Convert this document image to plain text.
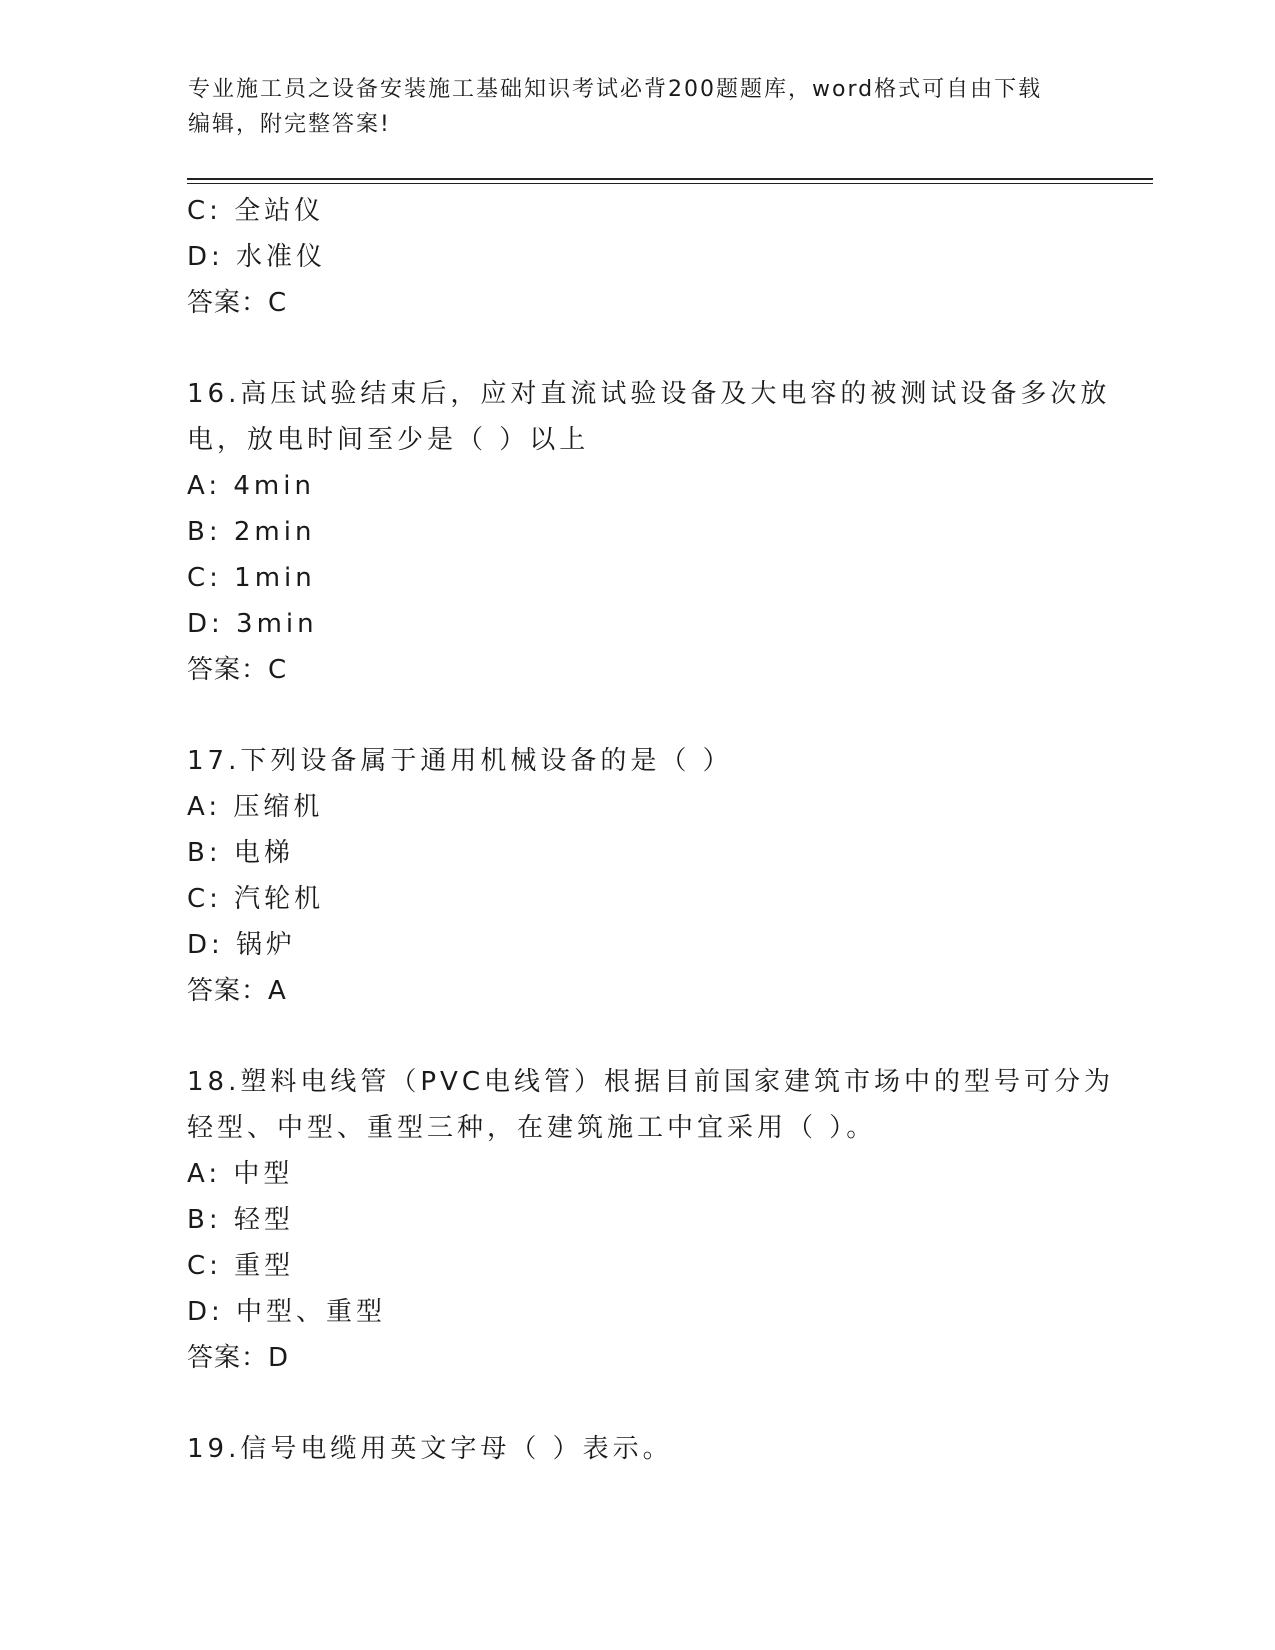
专业施工员之设备安装施工基础知识考试必背200题题库，word格式可自由下载
编辑，附完整答案!
C: 全站仪
D: 水准仪
答案：C
16.高压试验结束后，应对直流试验设备及大电容的被测试设备多次放
电，放电时间至少是（ ）以上
A: 4min
B: 2min
C: 1min
D: 3min
答案：C
17.下列设备属于通用机械设备的是（ ）
A: 压缩机
B: 电梯
C: 汽轮机
D: 锅炉
答案：A
18.塑料电线管（PVC电线管）根据目前国家建筑市场中的型号可分为
轻型、中型、重型三种，在建筑施工中宜采用（ ）。
A: 中型
B: 轻型
C: 重型
D: 中型、重型
答案：D
19.信号电缆用英文字母（ ）表示。
